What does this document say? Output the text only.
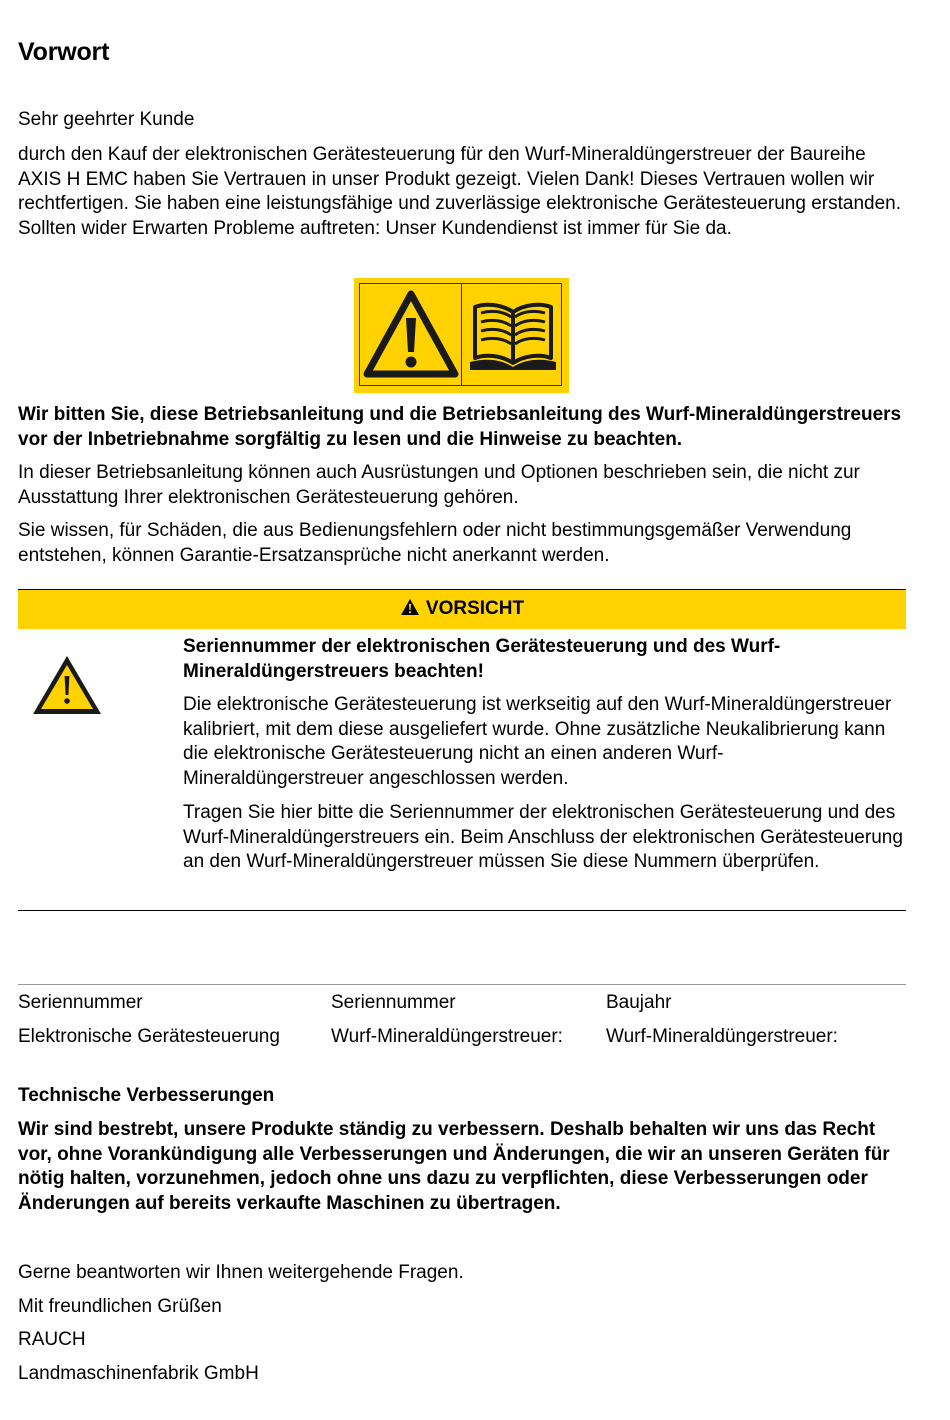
Vorwort

Sehr geehrter Kunde

durch den Kauf der elektronischen Gerätesteuerung für den Wurf-Mineraldüngerstreuer der Baureihe AXIS H EMC haben Sie Vertrauen in unser Produkt gezeigt. Vielen Dank! Dieses Vertrauen wollen wir rechtfertigen. Sie haben eine leistungsfähige und zuverlässige elektronische Gerätesteuerung erstanden. Sollten wider Erwarten Probleme auftreten: Unser Kundendienst ist immer für Sie da.

Wir bitten Sie, diese Betriebsanleitung und die Betriebsanleitung des Wurf-Mineraldüngerstreuers vor der Inbetriebnahme sorgfältig zu lesen und die Hinweise zu beachten.

In dieser Betriebsanleitung können auch Ausrüstungen und Optionen beschrieben sein, die nicht zur Ausstattung Ihrer elektronischen Gerätesteuerung gehören.

Sie wissen, für Schäden, die aus Bedienungsfehlern oder nicht bestimmungsgemäßer Verwendung entstehen, können Garantie-Ersatzansprüche nicht anerkannt werden.

VORSICHT

Seriennummer der elektronischen Gerätesteuerung und des Wurf-Mineraldüngerstreuers beachten!

Die elektronische Gerätesteuerung ist werkseitig auf den Wurf-Mineraldüngerstreuer kalibriert, mit dem diese ausgeliefert wurde. Ohne zusätzliche Neukalibrierung kann die elektronische Gerätesteuerung nicht an einen anderen Wurf-Mineraldüngerstreuer angeschlossen werden.

Tragen Sie hier bitte die Seriennummer der elektronischen Gerätesteuerung und des Wurf-Mineraldüngerstreuers ein. Beim Anschluss der elektronischen Gerätesteuerung an den Wurf-Mineraldüngerstreuer müssen Sie diese Nummern überprüfen.

Seriennummer
Elektronische Gerätesteuerung
Seriennummer
Wurf-Mineraldüngerstreuer:
Baujahr
Wurf-Mineraldüngerstreuer:

Technische Verbesserungen

Wir sind bestrebt, unsere Produkte ständig zu verbessern. Deshalb behalten wir uns das Recht vor, ohne Vorankündigung alle Verbesserungen und Änderungen, die wir an unseren Geräten für nötig halten, vorzunehmen, jedoch ohne uns dazu zu verpflichten, diese Verbesserungen oder Änderungen auf bereits verkaufte Maschinen zu übertragen.

Gerne beantworten wir Ihnen weitergehende Fragen.

Mit freundlichen Grüßen

RAUCH

Landmaschinenfabrik GmbH
